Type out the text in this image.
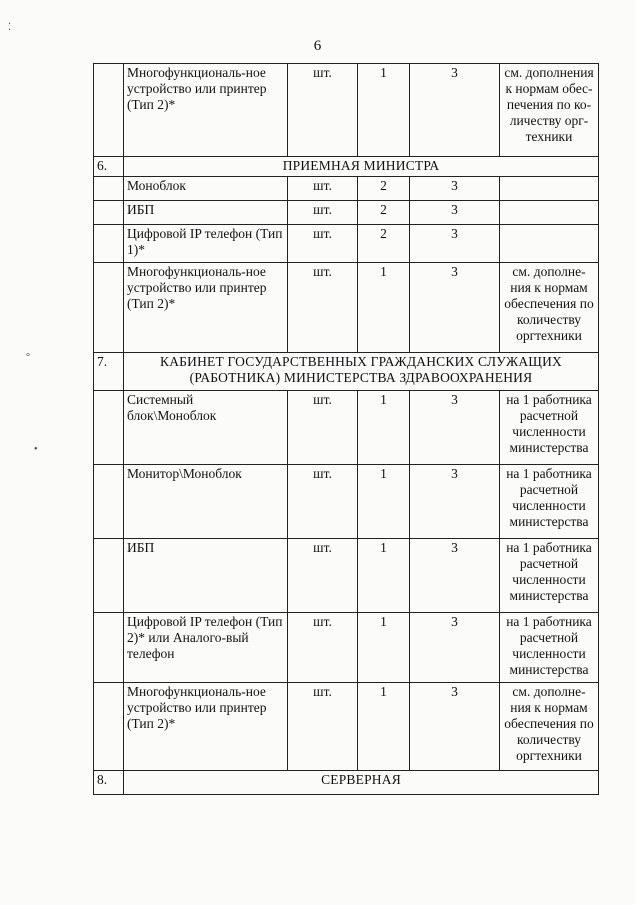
6
	Многофункциональ-ное устройство или принтер (Тип 2)*	шт.	1	3	см. дополнения к нормам обес-печения по ко-личеству орг-техники
6.	ПРИЕМНАЯ МИНИСТРА				
	Моноблок	шт.	2	3	
	ИБП	шт.	2	3	
	Цифровой IP телефон (Тип 1)*	шт.	2	3	
	Многофункциональ-ное устройство или принтер (Тип 2)*	шт.	1	3	см. дополне-ния к нормам обеспечения по количеству оргтехники
7.	КАБИНЕТ ГОСУДАРСТВЕННЫХ ГРАЖДАНСКИХ СЛУЖАЩИХ (РАБОТНИКА) МИНИСТЕРСТВА ЗДРАВООХРАНЕНИЯ				
	Системный блок\Моноблок	шт.	1	3	на 1 работника расчетной численности министерства
	Монитор\Моноблок	шт.	1	3	на 1 работника расчетной численности министерства
	ИБП	шт.	1	3	на 1 работника расчетной численности министерства
	Цифровой IP телефон (Тип 2)* или Аналого-вый телефон	шт.	1	3	на 1 работника расчетной численности министерства
	Многофункциональ-ное устройство или принтер (Тип 2)*	шт.	1	3	см. дополне-ния к нормам обеспечения по количеству оргтехники
8.	СЕРВЕРНАЯ				
⁚
°
•
